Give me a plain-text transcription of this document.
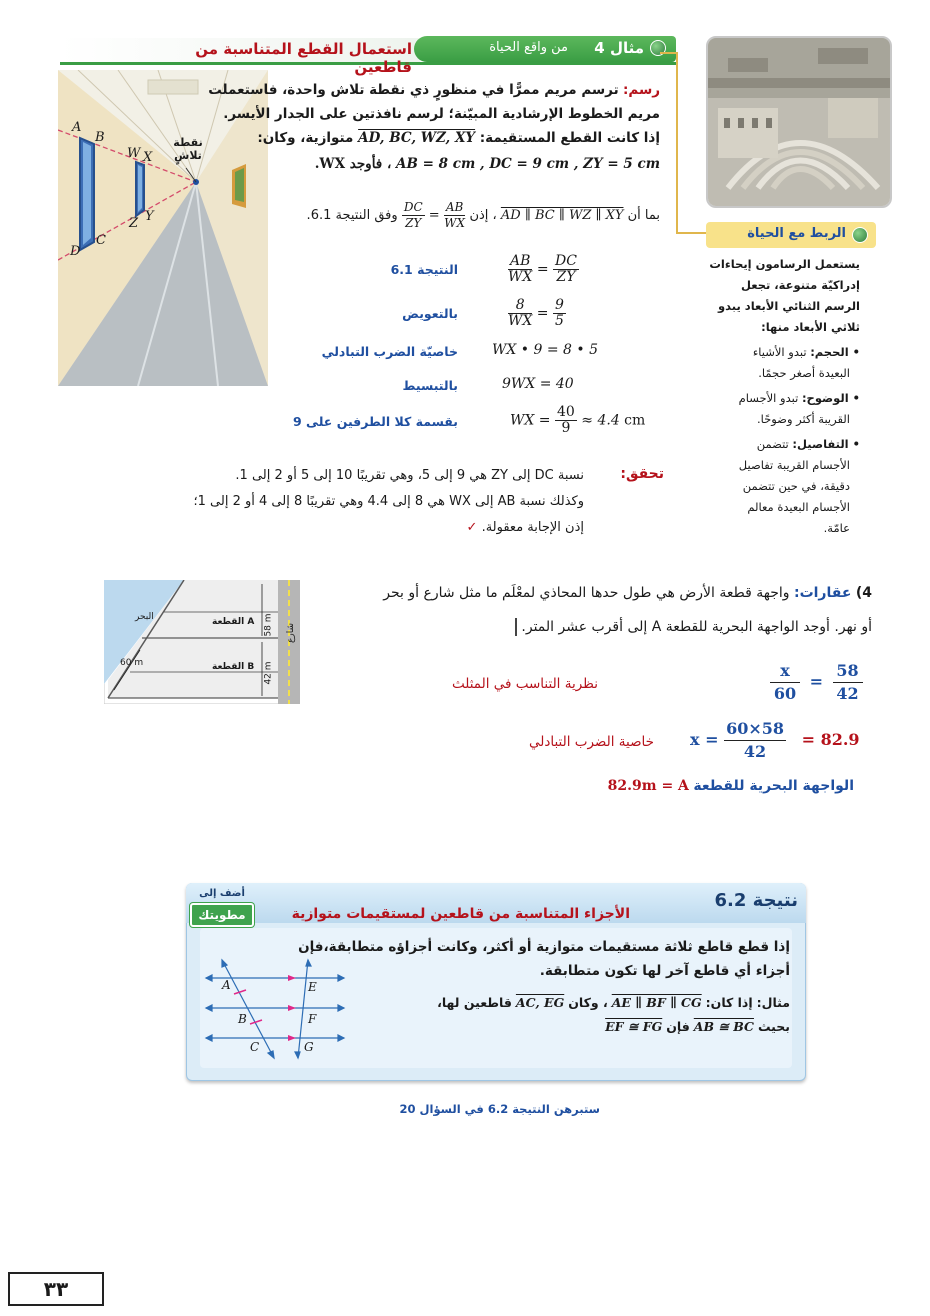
استعمال القطع المتناسبة من قاطعين
مثال 4
من واقع الحياة
A
B
C
D
W X
Y
Z
نقطة
تلاشٍ
رسم: ترسم مريم ممرًّا في منظورٍ ذي نقطة تلاش واحدة، فاستعملت
مريم الخطوط الإرشادية المبيّنة؛ لرسم نافذتين على الجدار الأيسر.
إذا كانت القطع المستقيمة: AD, BC, WZ, XY متوازية، وكان:
AB = 8 cm , DC = 9 cm , ZY = 5 cm ، فأوجد WX.
بما أن AD ∥ BC ∥ WZ ∥ XY ، إذن
$\frac{AB}{WX}$
=
$\frac{DC}{ZY}$
وفق النتيجة 6.1.
النتيجة 6.1	$\frac{AB}{WX} = \frac{DC}{ZY}$
بالتعويض	$\frac{8}{WX} = \frac{9}{5}$
خاصيّة الضرب التبادلي WX • 9 = 8 • 5
بالتبسيط	9WX = 40
بقسمة كلا الطرفين على 9	WX = $\frac{40}{9} \approx 4.4$ cm
تحقق:
نسبة DC إلى ZY هي 9 إلى 5، وهي تقريبًا 10 إلى 5 أو 2 إلى 1.
وكذلك نسبة AB إلى WX هي 8 إلى 4.4 وهي تقريبًا 8 إلى 4 أو 2 إلى 1؛
إذن الإجابة معقولة. ✓
الربط مع الحياة
يستعمل الرسامون إيحاءات
إدراكيّة متنوعة، تجعل
الرسم الثنائي الأبعاد يبدو
ثلاثي الأبعاد منها:
• الحجم: تبدو الأشياء
البعيدة أصغر حجمًا.
• الوضوح: تبدو الأجسام
القريبة أكثر وضوحًا.
• التفاصيل: تتضمن
الأجسام القريبة تفاصيل
دقيقة، في حين تتضمن
الأجسام البعيدة معالم
عامّة.
البحر	القطعة A
القطعة B
60 m
58 m
42 m
شارع
4) عقارات: واجهة قطعة الأرض هي طول حدها المحاذي لمعْلَم ما مثل شارع أو بحر
أو نهر. أوجد الواجهة البحرية للقطعة A إلى أقرب عشر المتر.
نظرية التناسب في المثلث	$\frac{x}{60} = \frac{58}{42}$
خاصية الضرب التبادلي $x = \frac{60\times 58}{42} = 82.9$
الواجهة البحرية للقطعة 82.9m = A
نتيجة 6.2
الأجزاء المتناسبة من قاطعين لمستقيمات متوازية
أضف إلى
مطويتك
إذا قطع قاطع ثلاثة مستقيمات متوازية أو أكثر، وكانت أجزاؤه متطابقة،فإن
أجزاء أي قاطع آخر لها تكون متطابقة.
مثال: إذا كان: AE ∥ BF ∥ CG ، وكان AC, EG قاطعين لها،
بحيث AB ≅ BC فإن EF ≅ FG
A
B
C
E
F
G
ستبرهن النتيجة 6.2 في السؤال 20
٣٣
